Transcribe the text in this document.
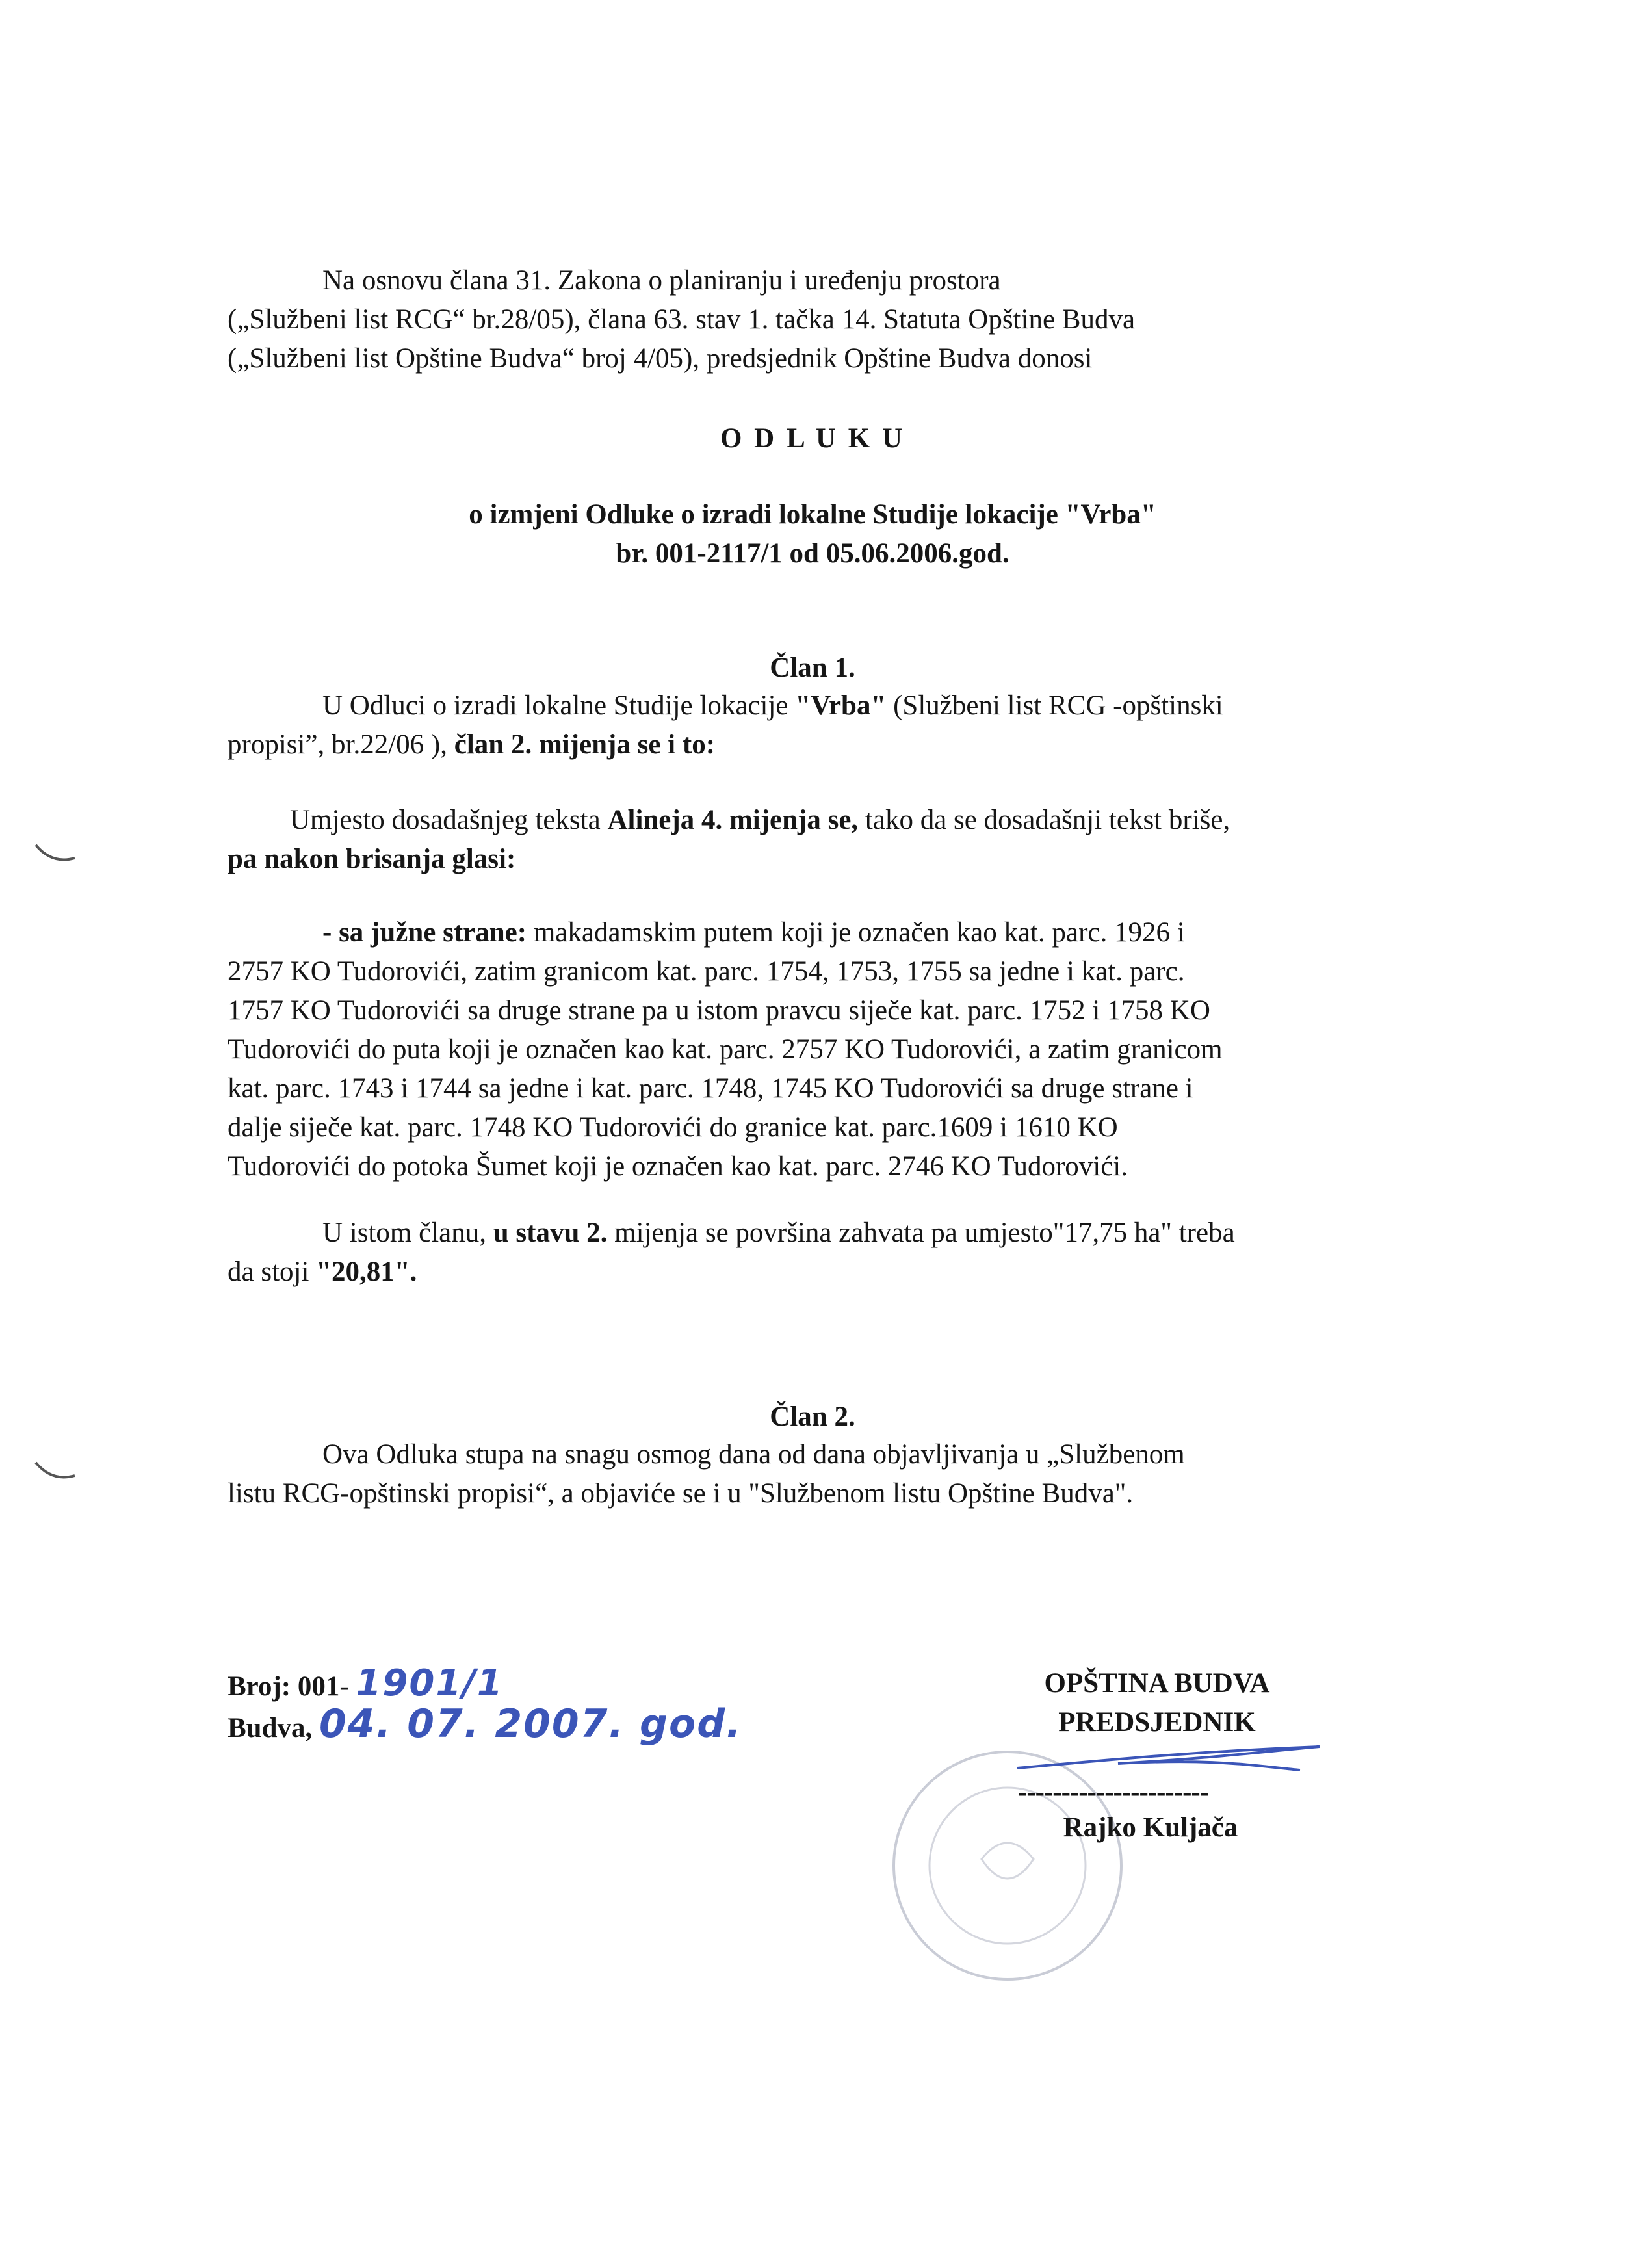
Na osnovu člana 31. Zakona o planiranju i uređenju prostora
(„Službeni list RCG“ br.28/05), člana 63. stav 1. tačka 14. Statuta Opštine Budva
(„Službeni list Opštine Budva“ broj 4/05), predsjednik Opštine Budva donosi
O D L U K U
o izmjeni Odluke o izradi lokalne Studije lokacije "Vrba"
br. 001-2117/1 od 05.06.2006.god.
Član 1.
U Odluci o izradi lokalne Studije lokacije "Vrba" (Službeni list RCG -opštinski
propisi”, br.22/06 ), član 2. mijenja se i to:
Umjesto dosadašnjeg teksta Alineja 4. mijenja se, tako da se dosadašnji tekst briše,
pa nakon brisanja glasi:
- sa južne strane: makadamskim putem koji je označen kao kat. parc. 1926 i
2757 KO Tudorovići, zatim granicom kat. parc. 1754, 1753, 1755 sa jedne i kat. parc.
1757 KO Tudorovići sa druge strane pa u istom pravcu siječe kat. parc. 1752 i 1758 KO
Tudorovići do puta koji je označen kao kat. parc. 2757 KO Tudorovići, a zatim granicom
kat. parc. 1743 i 1744 sa jedne i kat. parc. 1748, 1745 KO Tudorovići sa druge strane i
dalje siječe kat. parc. 1748 KO Tudorovići do granice kat. parc.1609 i 1610 KO
Tudorovići do potoka Šumet koji je označen kao kat. parc. 2746 KO Tudorovići.
U istom članu, u stavu 2. mijenja se površina zahvata pa umjesto"17,75 ha" treba
da stoji "20,81".
Član 2.
Ova Odluka stupa na snagu osmog dana od dana objavljivanja u „Službenom
listu RCG-opštinski propisi“, a objaviće se i u "Službenom listu Opštine Budva".
Broj: 001- 1901/1
Budva, 04. 07. 2007. god.
OPŠTINA BUDVA
PREDSJEDNIK
----------------------
Rajko Kuljača
